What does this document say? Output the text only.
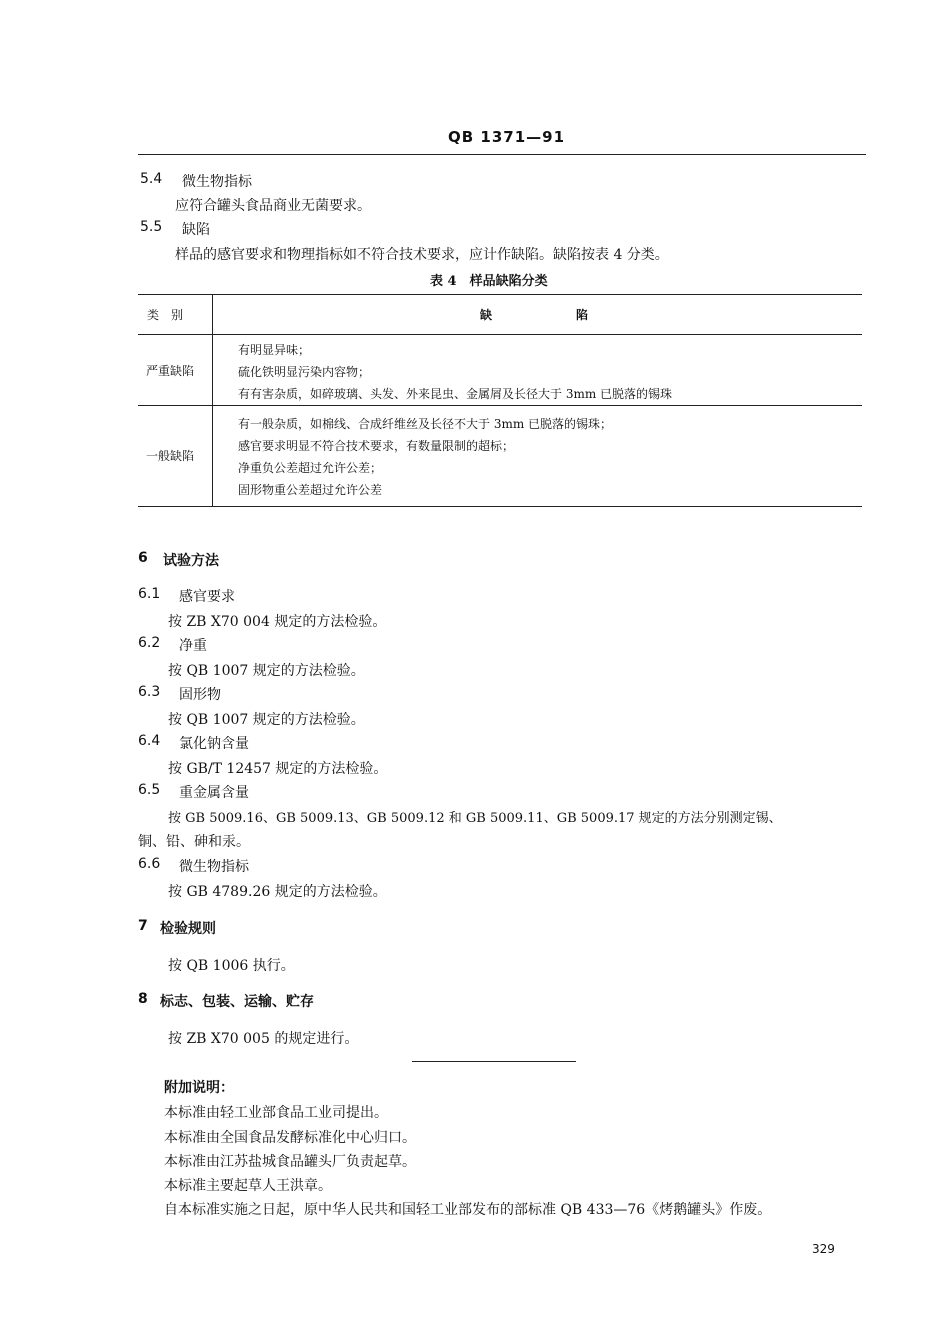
QB 1371—91
5.4 微生物指标
应符合罐头食品商业无菌要求。
5.5 缺陷
样品的感官要求和物理指标如不符合技术要求，应计作缺陷。缺陷按表 4 分类。
表 4　样品缺陷分类
类　别	缺　　　　　　　陷
严重缺陷
有明显异味；
硫化铁明显污染内容物；
有有害杂质，如碎玻璃、头发、外来昆虫、金属屑及长径大于 3mm 已脱落的锡珠
一般缺陷
有一般杂质，如棉线、合成纤维丝及长径不大于 3mm 已脱落的锡珠；
感官要求明显不符合技术要求，有数量限制的超标；
净重负公差超过允许公差；
固形物重公差超过允许公差
6 试验方法
6.1 感官要求
按 ZB X70 004 规定的方法检验。
6.2 净重
按 QB 1007 规定的方法检验。
6.3 固形物
按 QB 1007 规定的方法检验。
6.4 氯化钠含量
按 GB/T 12457 规定的方法检验。
6.5 重金属含量
按 GB 5009.16、GB 5009.13、GB 5009.12 和 GB 5009.11、GB 5009.17 规定的方法分别测定锡、
铜、铅、砷和汞。
6.6 微生物指标
按 GB 4789.26 规定的方法检验。
7 检验规则
按 QB 1006 执行。
8 标志、包装、运输、贮存
按 ZB X70 005 的规定进行。
附加说明：
本标准由轻工业部食品工业司提出。
本标准由全国食品发酵标准化中心归口。
本标准由江苏盐城食品罐头厂负责起草。
本标准主要起草人王洪章。
自本标准实施之日起，原中华人民共和国轻工业部发布的部标准 QB 433—76《烤鹅罐头》作废。
329
